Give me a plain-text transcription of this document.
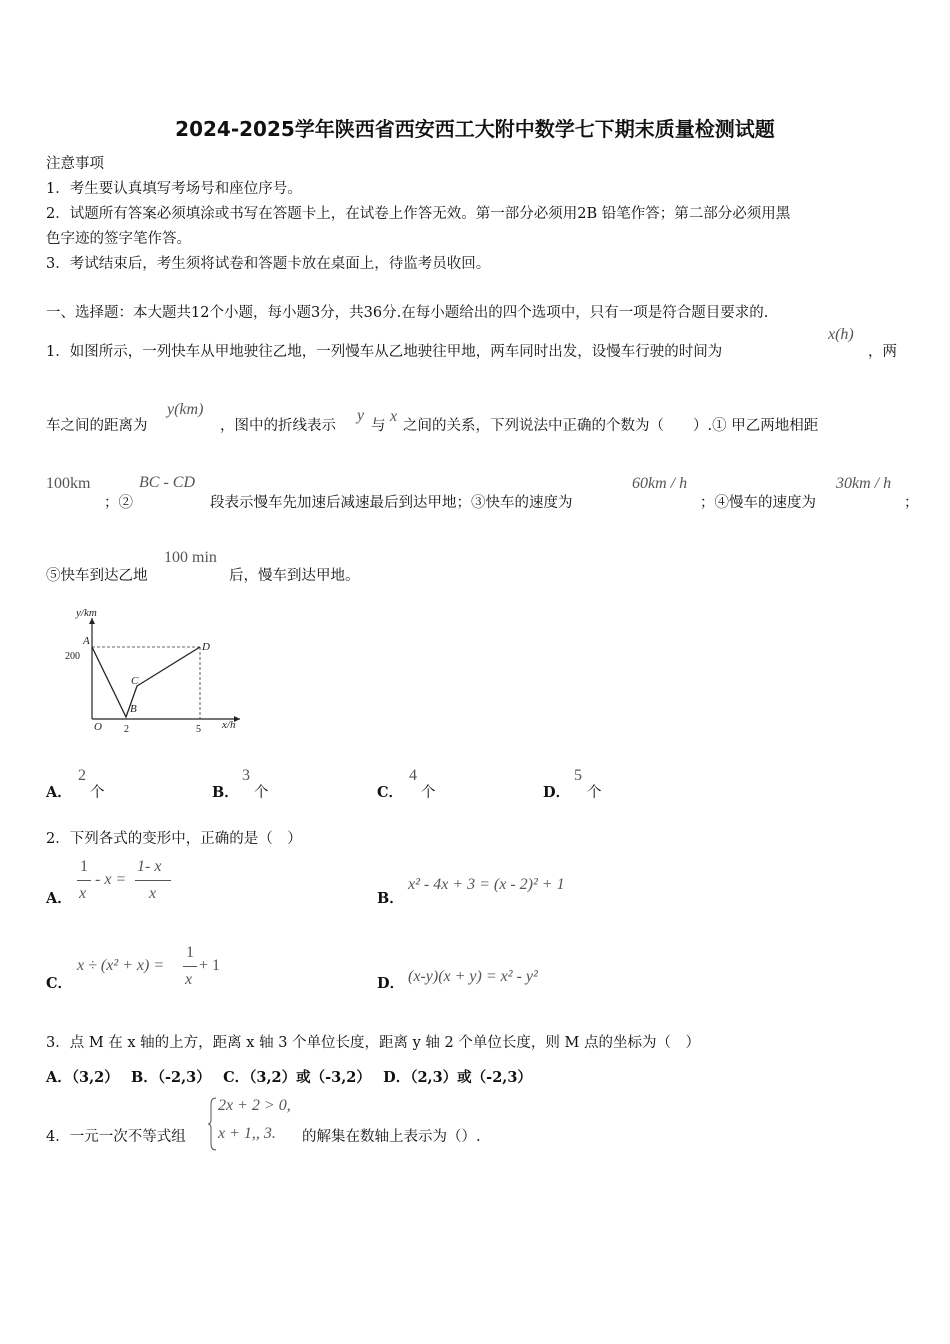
2024-2025学年陕西省西安西工大附中数学七下期末质量检测试题
注意事项
1．考生要认真填写考场号和座位序号。
2．试题所有答案必须填涂或书写在答题卡上，在试卷上作答无效。第一部分必须用2B 铅笔作答；第二部分必须用黑
色字迹的签字笔作答。
3．考试结束后，考生须将试卷和答题卡放在桌面上，待监考员收回。
一、选择题：本大题共12个小题，每小题3分，共36分.在每小题给出的四个选项中，只有一项是符合题目要求的.
1．如图所示，一列快车从甲地驶往乙地，一列慢车从乙地驶往甲地，两车同时出发，设慢车行驶的时间为
x(h)
，两
车之间的距离为
y(km)
，图中的折线表示
y
与
x
之间的关系，下列说法中正确的个数为（　　）.① 甲乙两地相距
100km
；②
BC - CD
段表示慢车先加速后减速最后到达甲地；③快车的速度为
60km / h
；④慢车的速度为
30km / h
；
⑤快车到达乙地
100 min
后，慢车到达甲地。
y/km
x/h
O
200
2	5
A
B
C
D
A．
2
个	B．
3
个	C．
4
个	D．
5
个
2．下列各式的变形中，正确的是（　）
A．
1
x
- x =
1- x
x	B．
x² - 4x + 3 = (x - 2)² + 1
C．
x ÷ (x² + x) =
1
x
+ 1
D． (x-y)(x + y) = x² - y²
3．点 M 在 x 轴的上方，距离 x 轴 3 个单位长度，距离 y 轴 2 个单位长度，则 M 点的坐标为（　）
A．（3,2）　 B．（-2,3）　 C．（3,2）或（-3,2）　 D．（2,3）或（-2,3）
4．一元一次不等式组
2x + 2 > 0,
x + 1,, 3. 的解集在数轴上表示为（）.
